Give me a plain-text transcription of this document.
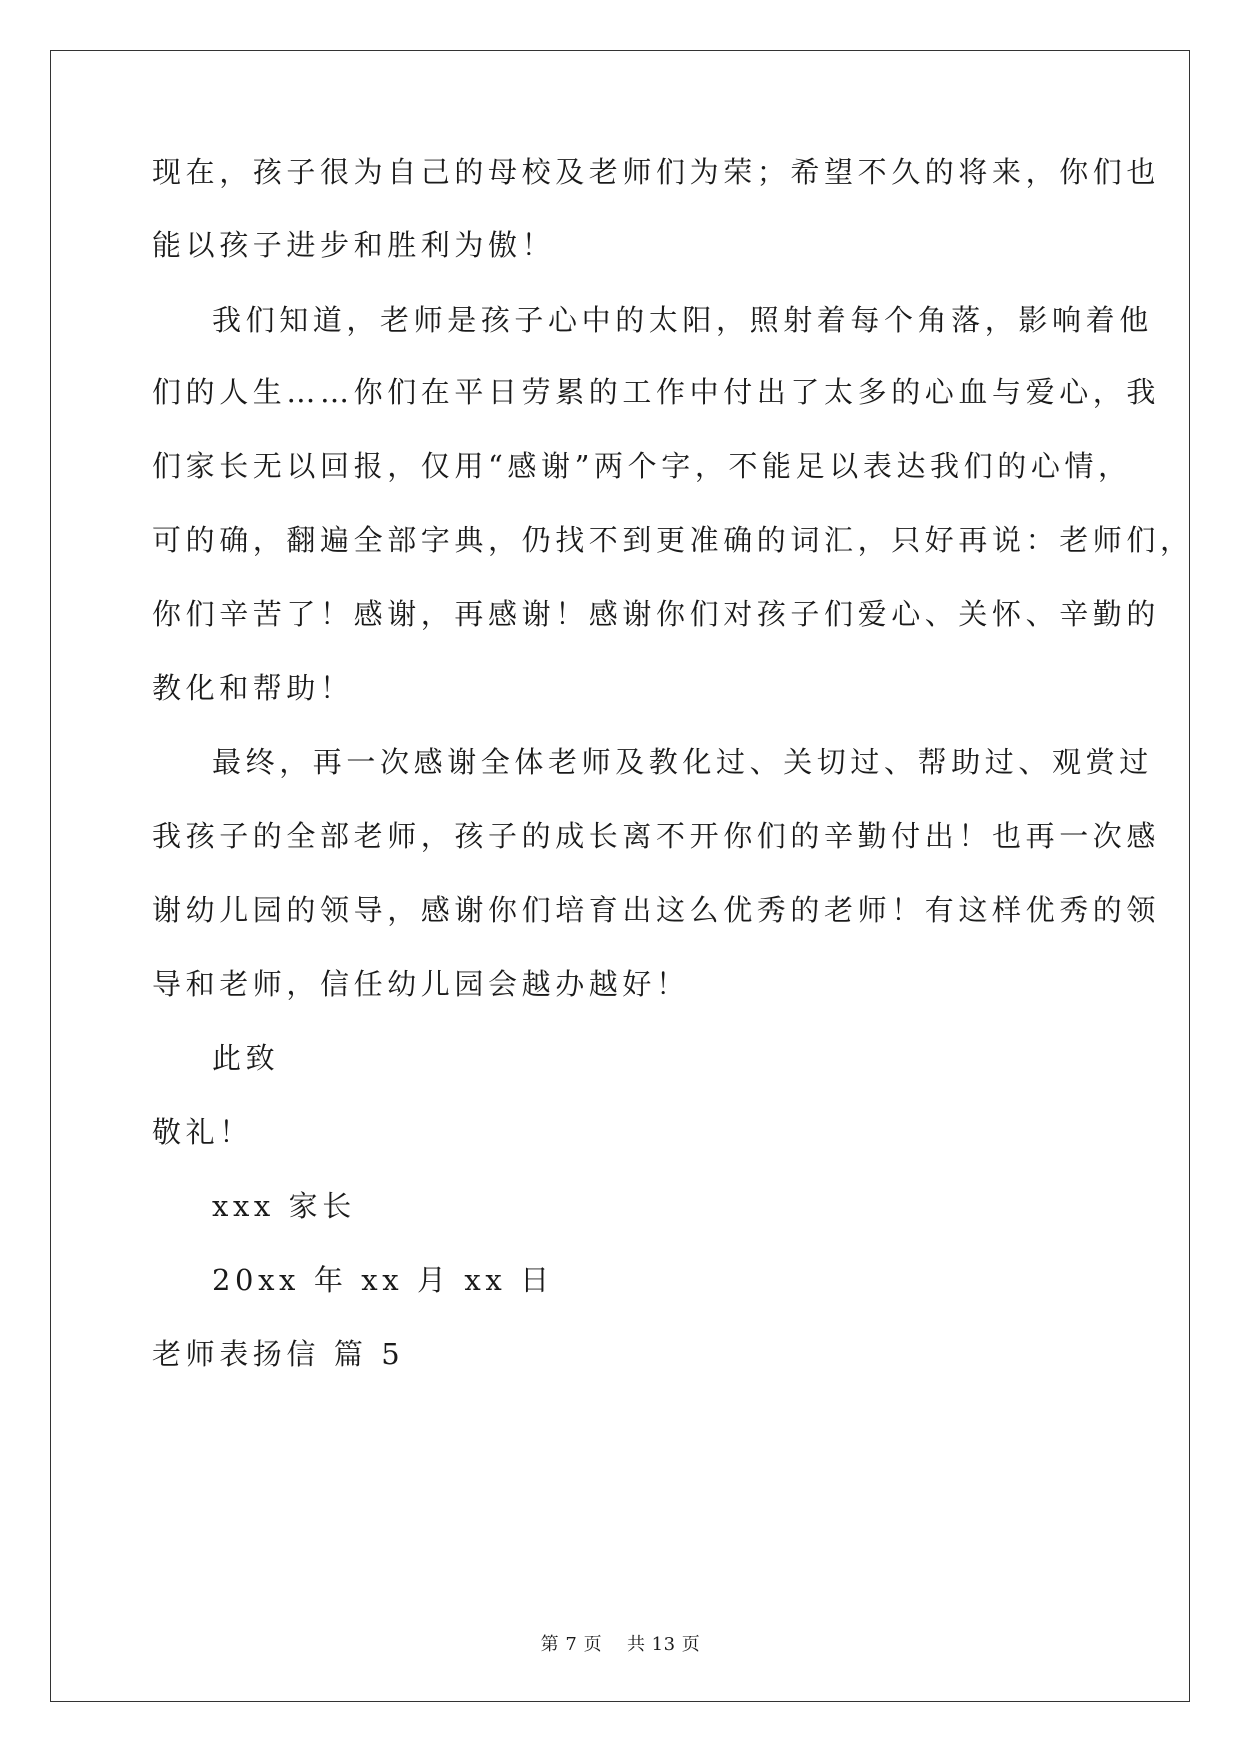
现在，孩子很为自己的母校及老师们为荣；希望不久的将来，你们也
能以孩子进步和胜利为傲！
我们知道，老师是孩子心中的太阳，照射着每个角落，影响着他
们的人生……你们在平日劳累的工作中付出了太多的心血与爱心，我
们家长无以回报，仅用“感谢”两个字，不能足以表达我们的心情，
可的确，翻遍全部字典，仍找不到更准确的词汇，只好再说：老师们，
你们辛苦了！感谢，再感谢！感谢你们对孩子们爱心、关怀、辛勤的
教化和帮助！
最终，再一次感谢全体老师及教化过、关切过、帮助过、观赏过
我孩子的全部老师，孩子的成长离不开你们的辛勤付出！也再一次感
谢幼儿园的领导，感谢你们培育出这么优秀的老师！有这样优秀的领
导和老师，信任幼儿园会越办越好！
此致
敬礼！
xxx 家长
20xx 年 xx 月 xx 日
老师表扬信 篇 5
第 7 页    共 13 页
